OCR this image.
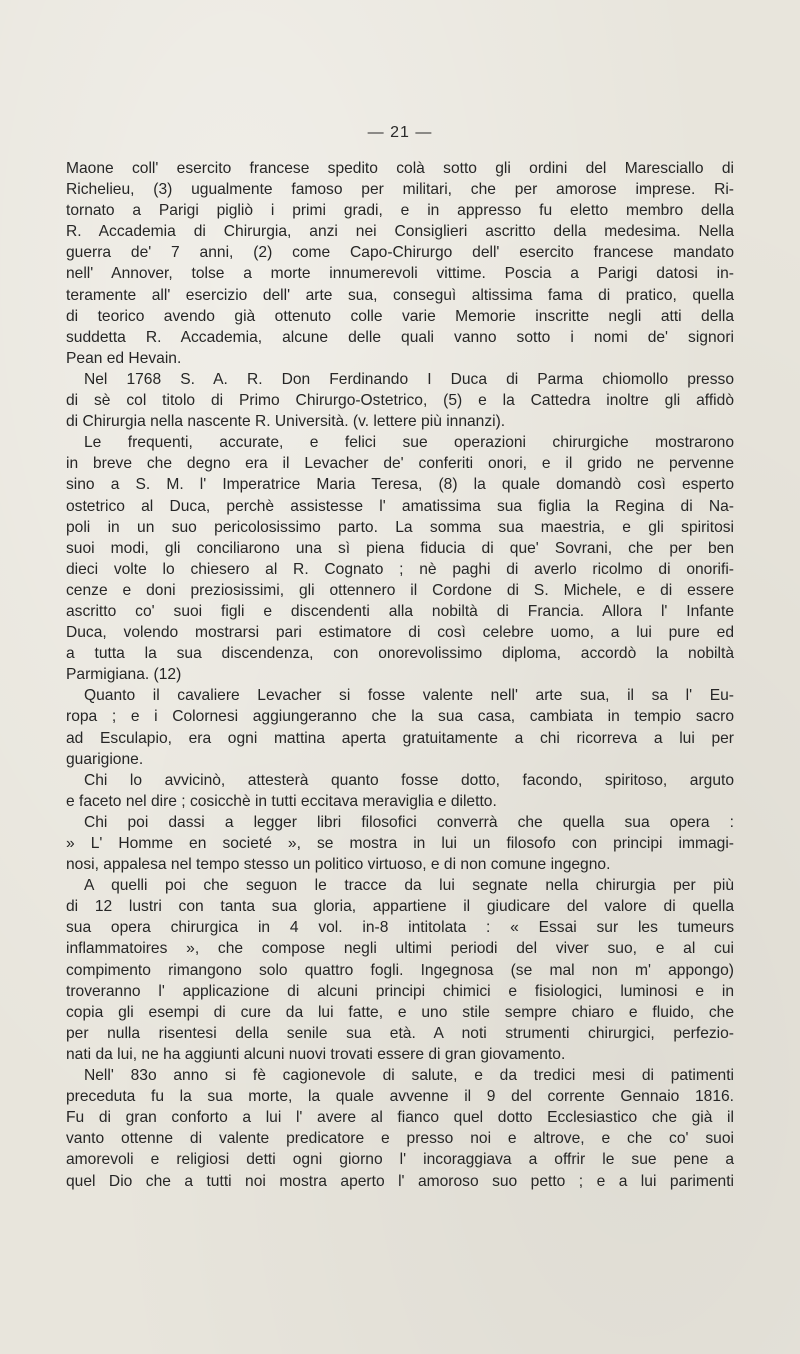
— 21 —
Maone coll' esercito francese spedito colà sotto gli ordini del Maresciallo di
Richelieu, (3) ugualmente famoso per militari, che per amorose imprese. Ri-
tornato a Parigi pigliò i primi gradi, e in appresso fu eletto membro della
R. Accademia di Chirurgia, anzi nei Consiglieri ascritto della medesima. Nella
guerra de' 7 anni, (2) come Capo-Chirurgo dell' esercito francese mandato
nell' Annover, tolse a morte innumerevoli vittime. Poscia a Parigi datosi in-
teramente all' esercizio dell' arte sua, conseguì altissima fama di pratico, quella
di teorico avendo già ottenuto colle varie Memorie inscritte negli atti della
suddetta R. Accademia, alcune delle quali vanno sotto i nomi de' signori
Pean ed Hevain.
Nel 1768 S. A. R. Don Ferdinando I Duca di Parma chiomollo presso
di sè col titolo di Primo Chirurgo-Ostetrico, (5) e la Cattedra inoltre gli affidò
di Chirurgia nella nascente R. Università. (v. lettere più innanzi).
Le frequenti, accurate, e felici sue operazioni chirurgiche mostrarono
in breve che degno era il Levacher de' conferiti onori, e il grido ne pervenne
sino a S. M. l' Imperatrice Maria Teresa, (8) la quale domandò così esperto
ostetrico al Duca, perchè assistesse l' amatissima sua figlia la Regina di Na-
poli in un suo pericolosissimo parto. La somma sua maestria, e gli spiritosi
suoi modi, gli conciliarono una sì piena fiducia di que' Sovrani, che per ben
dieci volte lo chiesero al R. Cognato ; nè paghi di averlo ricolmo di onorifi-
cenze e doni preziosissimi, gli ottennero il Cordone di S. Michele, e di essere
ascritto co' suoi figli e discendenti alla nobiltà di Francia. Allora l' Infante
Duca, volendo mostrarsi pari estimatore di così celebre uomo, a lui pure ed
a tutta la sua discendenza, con onorevolissimo diploma, accordò la nobiltà
Parmigiana. (12)
Quanto il cavaliere Levacher si fosse valente nell' arte sua, il sa l' Eu-
ropa ; e i Colornesi aggiungeranno che la sua casa, cambiata in tempio sacro
ad Esculapio, era ogni mattina aperta gratuitamente a chi ricorreva a lui per
guarigione.
Chi lo avvicinò, attesterà quanto fosse dotto, facondo, spiritoso, arguto
e faceto nel dire ; cosicchè in tutti eccitava meraviglia e diletto.
Chi poi dassi a legger libri filosofici converrà che quella sua opera :
» L' Homme en societé », se mostra in lui un filosofo con principi immagi-
nosi, appalesa nel tempo stesso un politico virtuoso, e di non comune ingegno.
A quelli poi che seguon le tracce da lui segnate nella chirurgia per più
di 12 lustri con tanta sua gloria, appartiene il giudicare del valore di quella
sua opera chirurgica in 4 vol. in-8 intitolata : « Essai sur les tumeurs
inflammatoires », che compose negli ultimi periodi del viver suo, e al cui
compimento rimangono solo quattro fogli. Ingegnosa (se mal non m' appongo)
troveranno l' applicazione di alcuni principi chimici e fisiologici, luminosi e in
copia gli esempi di cure da lui fatte, e uno stile sempre chiaro e fluido, che
per nulla risentesi della senile sua età. A noti strumenti chirurgici, perfezio-
nati da lui, ne ha aggiunti alcuni nuovi trovati essere di gran giovamento.
Nell' 83o anno si fè cagionevole di salute, e da tredici mesi di patimenti
preceduta fu la sua morte, la quale avvenne il 9 del corrente Gennaio 1816.
Fu di gran conforto a lui l' avere al fianco quel dotto Ecclesiastico che già il
vanto ottenne di valente predicatore e presso noi e altrove, e che co' suoi
amorevoli e religiosi detti ogni giorno l' incoraggiava a offrir le sue pene a
quel Dio che a tutti noi mostra aperto l' amoroso suo petto ; e a lui parimenti
